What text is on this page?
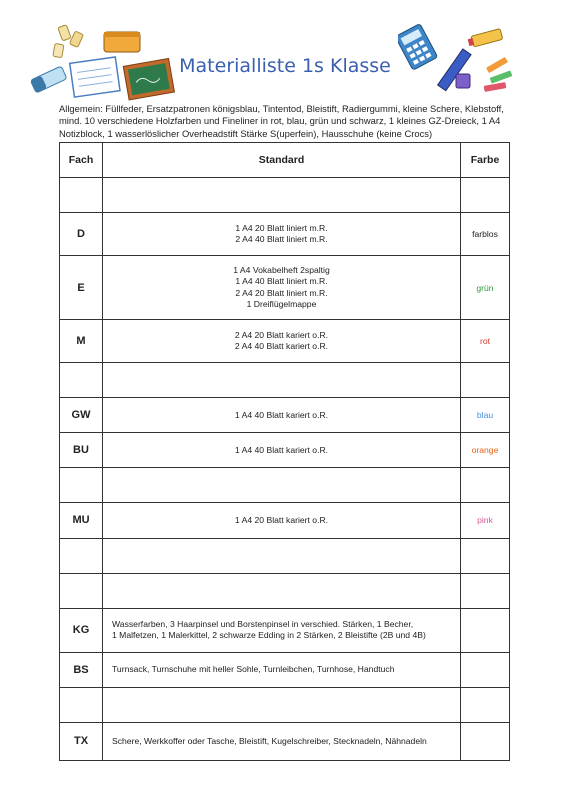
Materialliste 1s Klasse
Allgemein: Füllfeder, Ersatzpatronen königsblau, Tintentod, Bleistift, Radiergummi, kleine Schere, Klebstoff, mind. 10 verschiedene Holzfarben und Fineliner in rot, blau, grün und schwarz, 1 kleines GZ-Dreieck, 1 A4 Notizblock, 1 wasserlöslicher Overheadstift Stärke S(uperfein), Hausschuhe (keine Crocs)
Fach	Standard	Farbe

D	1 A4 20 Blatt liniert m.R.
2 A4 40 Blatt liniert m.R.	farblos
E	1 A4 Vokabelheft 2spaltig
1 A4 40 Blatt liniert m.R.
2 A4 20 Blatt liniert m.R.
1 Dreiflügelmappe	grün
M	2 A4 20 Blatt kariert o.R.
2 A4 40 Blatt kariert o.R.	rot

GW	1 A4 40 Blatt kariert o.R.	blau
BU	1 A4 40 Blatt kariert o.R.	orange

MU	1 A4 20 Blatt kariert o.R.	pink

KG	Wasserfarben, 3 Haarpinsel und Borstenpinsel in verschied. Stärken, 1 Becher,
1 Malfetzen, 1 Malerkittel, 2 schwarze Edding in 2 Stärken, 2 Bleistifte (2B und 4B)	

BS	Turnsack, Turnschuhe mit heller Sohle, Turnleibchen, Turnhose, Handtuch	

TX	Schere, Werkkoffer oder Tasche, Bleistift, Kugelschreiber, Stecknadeln, Nähnadeln	
